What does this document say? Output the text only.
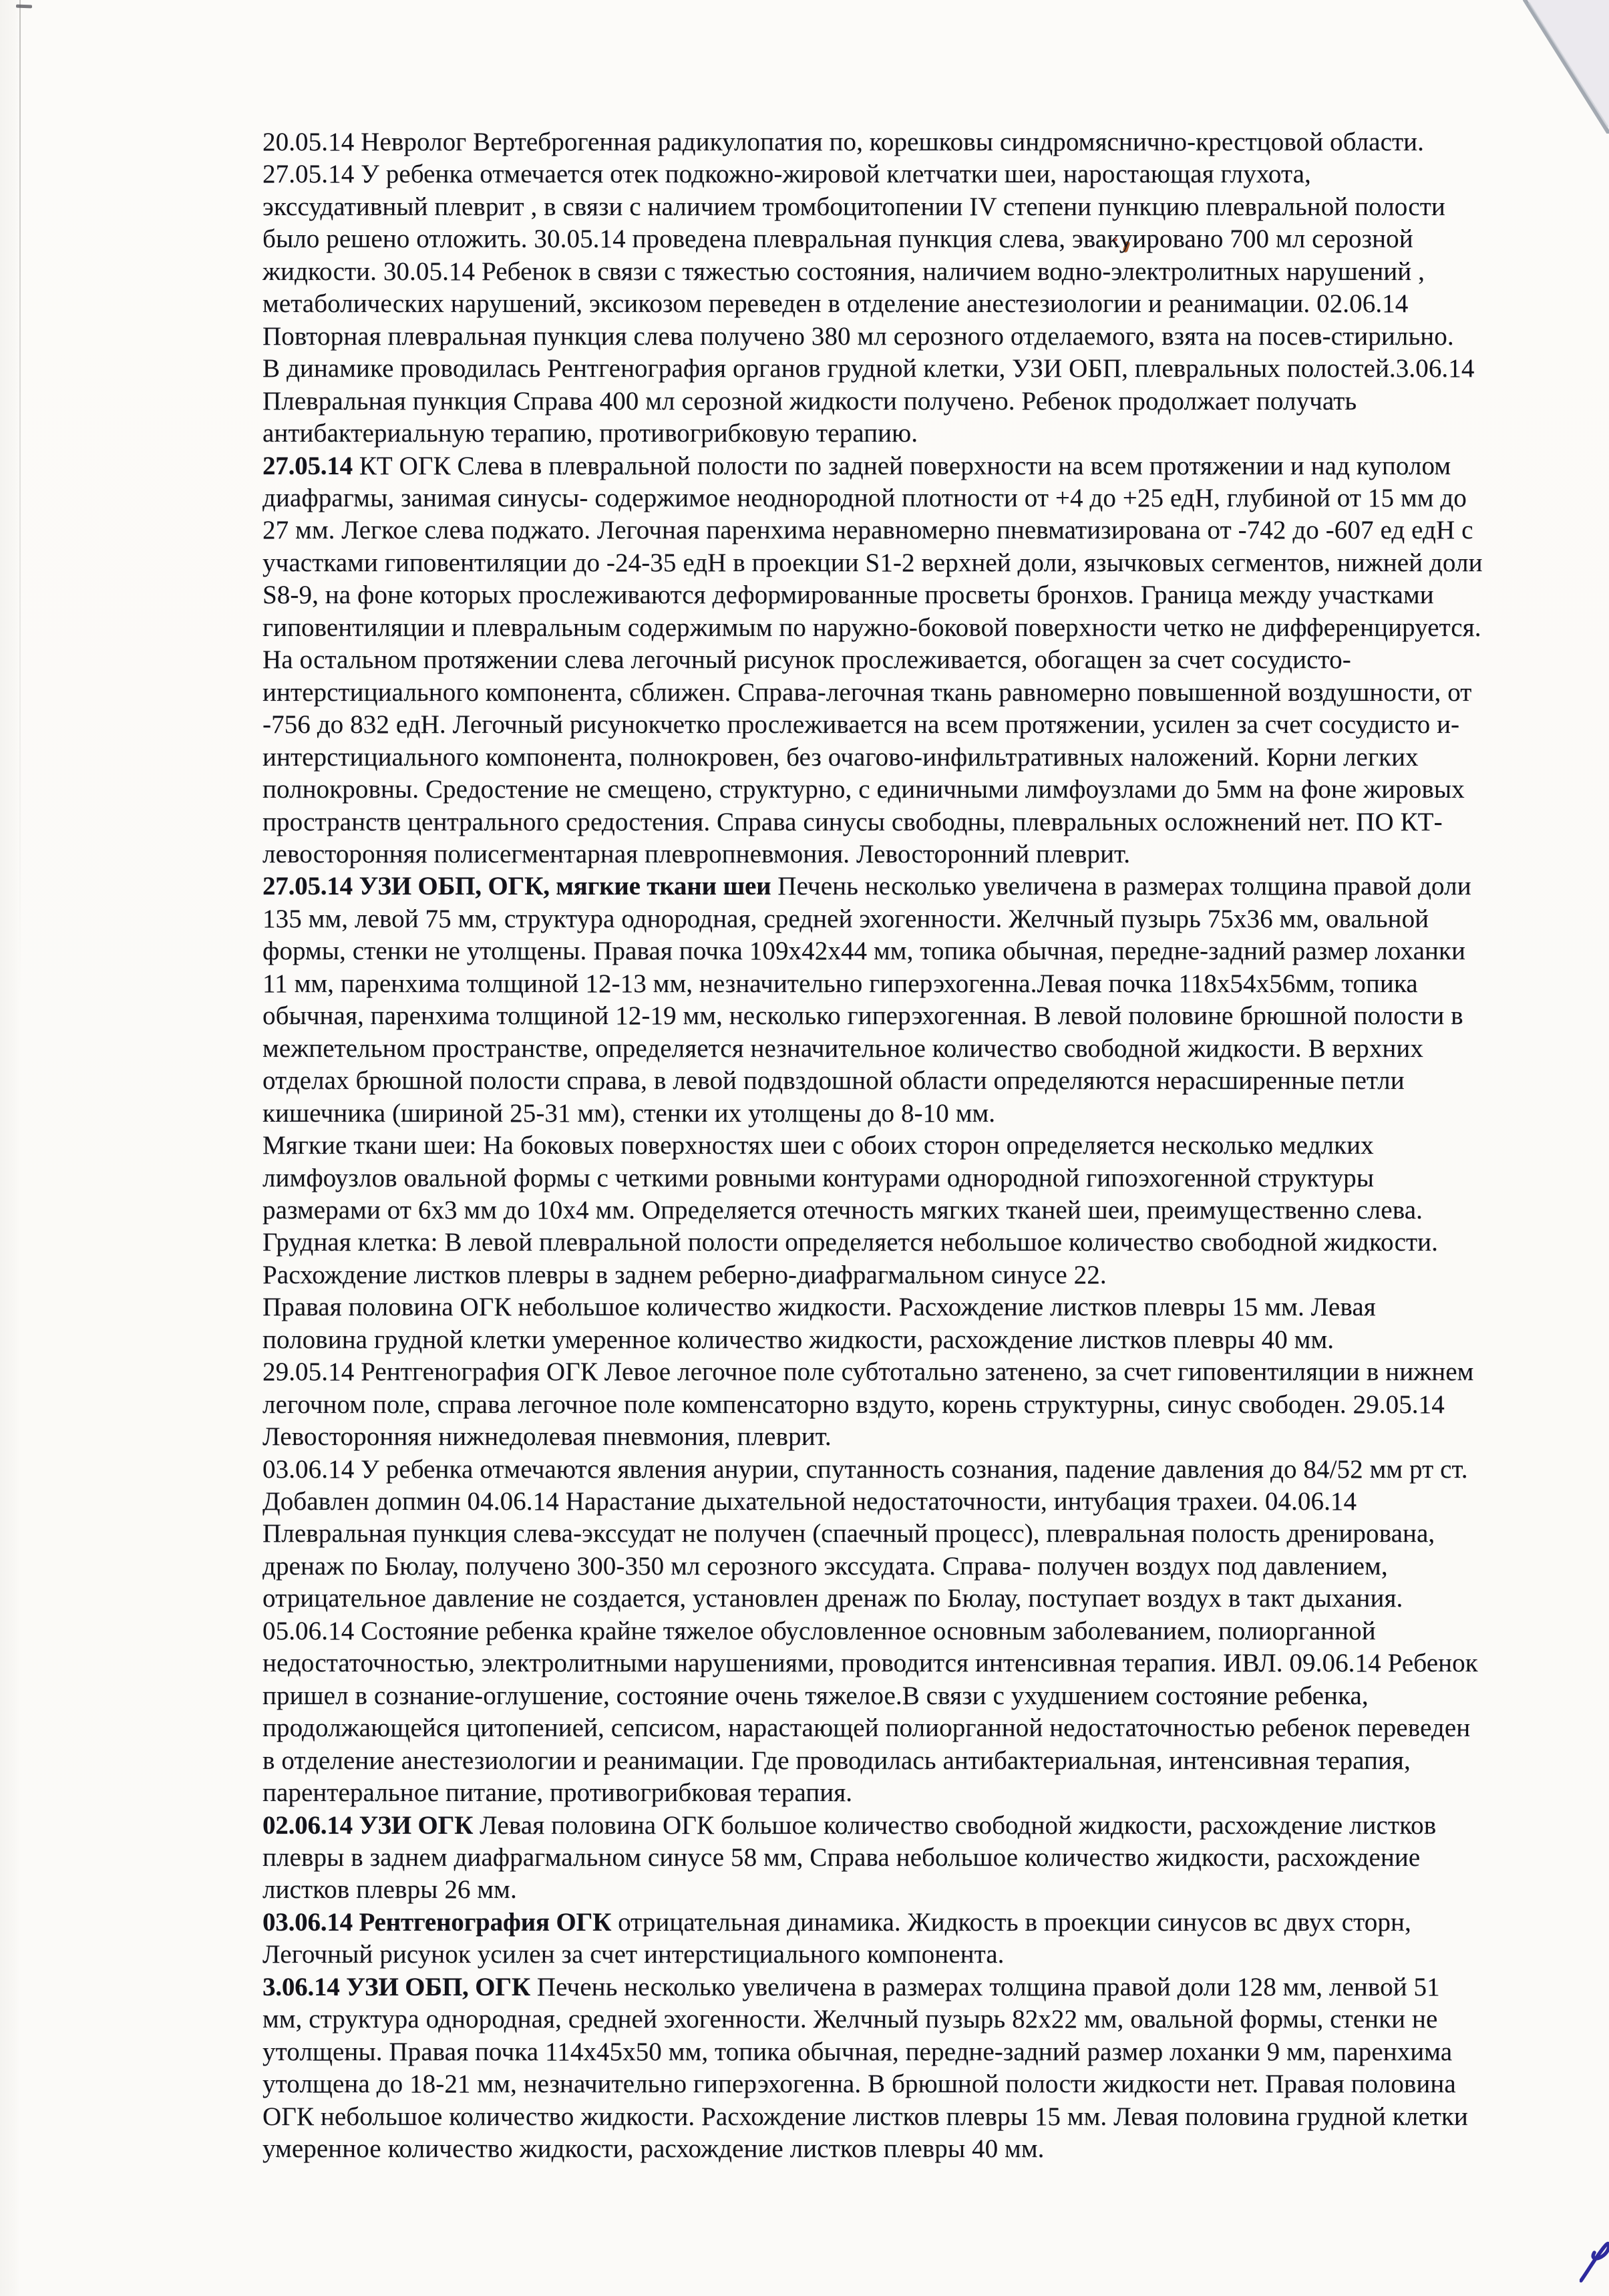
20.05.14 Невролог Вертеброгенная радикулопатия по, корешковы синдромяснично-крестцовой области.
27.05.14 У ребенка отмечается отек подкожно-жировой клетчатки шеи, наростающая глухота,
экссудативный плеврит , в связи с наличием тромбоцитопении IV степени пункцию плевральной полости
было решено отложить. 30.05.14 проведена плевральная пункция слева, эвакуировано 700 мл серозной
жидкости. 30.05.14 Ребенок в связи с тяжестью состояния, наличием водно-электролитных нарушений ,
метаболических нарушений, эксикозом переведен в отделение анестезиологии и реанимации. 02.06.14
Повторная плевральная пункция слева получено 380 мл серозного отделаемого, взята на посев-стирильно.
В динамике проводилась Рентгенография органов грудной клетки, УЗИ ОБП, плевральных полостей.3.06.14
Плевральная пункция Справа 400 мл серозной жидкости получено. Ребенок продолжает получать
антибактериальную терапию, противогрибковую терапию.
27.05.14 КТ ОГК Слева в плевральной полости по задней поверхности на всем протяжении и над куполом
диафрагмы, занимая синусы- содержимое неоднородной плотности от +4 до +25 едН, глубиной от 15 мм до
27 мм. Легкое слева поджато. Легочная паренхима неравномерно пневматизирована от -742 до -607 ед едН с
участками гиповентиляции до -24-35 едН в проекции S1-2 верхней доли, язычковых сегментов, нижней доли
S8-9, на фоне которых прослеживаются деформированные просветы бронхов. Граница между участками
гиповентиляции и плевральным содержимым по наружно-боковой поверхности четко не дифференцируется.
На остальном протяжении слева легочный рисунок прослеживается, обогащен за счет сосудисто-
интерстициального компонента, сближен. Справа-легочная ткань равномерно повышенной воздушности, от
-756 до 832 едН. Легочный рисунокчетко прослеживается на всем протяжении, усилен за счет сосудисто и-
интерстициального компонента, полнокровен, без очагово-инфильтративных наложений. Корни легких
полнокровны. Средостение не смещено, структурно, с единичными лимфоузлами до 5мм на фоне жировых
пространств центрального средостения. Справа синусы свободны, плевральных осложнений нет. ПО КТ-
левосторонняя полисегментарная плевропневмония. Левосторонний плеврит.
27.05.14 УЗИ ОБП, ОГК, мягкие ткани шеи Печень несколько увеличена в размерах толщина правой доли
135 мм, левой 75 мм, структура однородная, средней эхогенности. Желчный пузырь 75x36 мм, овальной
формы, стенки не утолщены. Правая почка 109x42x44 мм, топика обычная, передне-задний размер лоханки
11 мм, паренхима толщиной 12-13 мм, незначительно гиперэхогенна.Левая почка 118x54x56мм, топика
обычная, паренхима толщиной 12-19 мм, несколько гиперэхогенная. В левой половине брюшной полости в
межпетельном пространстве, определяется незначительное количество свободной жидкости. В верхних
отделах брюшной полости справа, в левой подвздошной области определяются нерасширенные петли
кишечника (шириной 25-31 мм), стенки их утолщены до 8-10 мм.
Мягкие ткани шеи: На боковых поверхностях шеи с обоих сторон определяется несколько медлких
лимфоузлов овальной формы с четкими ровными контурами однородной гипоэхогенной структуры
размерами от 6x3 мм до 10x4 мм. Определяется отечность мягких тканей шеи, преимущественно слева.
Грудная клетка: В левой плевральной полости определяется небольшое количество свободной жидкости.
Расхождение листков плевры в заднем реберно-диафрагмальном синусе 22.
Правая половина ОГК небольшое количество жидкости. Расхождение листков плевры 15 мм. Левая
половина грудной клетки умеренное количество жидкости, расхождение листков плевры 40 мм.
29.05.14 Рентгенография ОГК Левое легочное поле субтотально затенено, за счет гиповентиляции в нижнем
легочном поле, справа легочное поле компенсаторно вздуто, корень структурны, синус свободен. 29.05.14
Левосторонняя нижнедолевая пневмония, плеврит.
03.06.14 У ребенка отмечаются явления анурии, спутанность сознания, падение давления до 84/52 мм рт ст.
Добавлен допмин 04.06.14 Нарастание дыхательной недостаточности, интубация трахеи. 04.06.14
Плевральная пункция слева-экссудат не получен (спаечный процесс), плевральная полость дренирована,
дренаж по Бюлау, получено 300-350 мл серозного экссудата. Справа- получен воздух под давлением,
отрицательное давление не создается, установлен дренаж по Бюлау, поступает воздух в такт дыхания.
05.06.14 Состояние ребенка крайне тяжелое обусловленное основным заболеванием, полиорганной
недостаточностью, электролитными нарушениями, проводится интенсивная терапия. ИВЛ. 09.06.14 Ребенок
пришел в сознание-оглушение, состояние очень тяжелое.В связи с ухудшением состояние ребенка,
продолжающейся цитопенией, сепсисом, нарастающей полиорганной недостаточностью ребенок переведен
в отделение анестезиологии и реанимации. Где проводилась антибактериальная, интенсивная терапия,
парентеральное питание, противогрибковая терапия.
02.06.14 УЗИ ОГК Левая половина ОГК большое количество свободной жидкости, расхождение листков
плевры в заднем диафрагмальном синусе 58 мм, Справа небольшое количество жидкости, расхождение
листков плевры 26 мм.
03.06.14 Рентгенография ОГК отрицательная динамика. Жидкость в проекции синусов вс двух сторн,
Легочный рисунок усилен за счет интерстициального компонента.
3.06.14 УЗИ ОБП, ОГК Печень несколько увеличена в размерах толщина правой доли 128 мм, ленвой 51
мм, структура однородная, средней эхогенности. Желчный пузырь 82x22 мм, овальной формы, стенки не
утолщены. Правая почка 114x45x50 мм, топика обычная, передне-задний размер лоханки 9 мм, паренхима
утолщена до 18-21 мм, незначительно гиперэхогенна. В брюшной полости жидкости нет. Правая половина
ОГК небольшое количество жидкости. Расхождение листков плевры 15 мм. Левая половина грудной клетки
умеренное количество жидкости, расхождение листков плевры 40 мм.
